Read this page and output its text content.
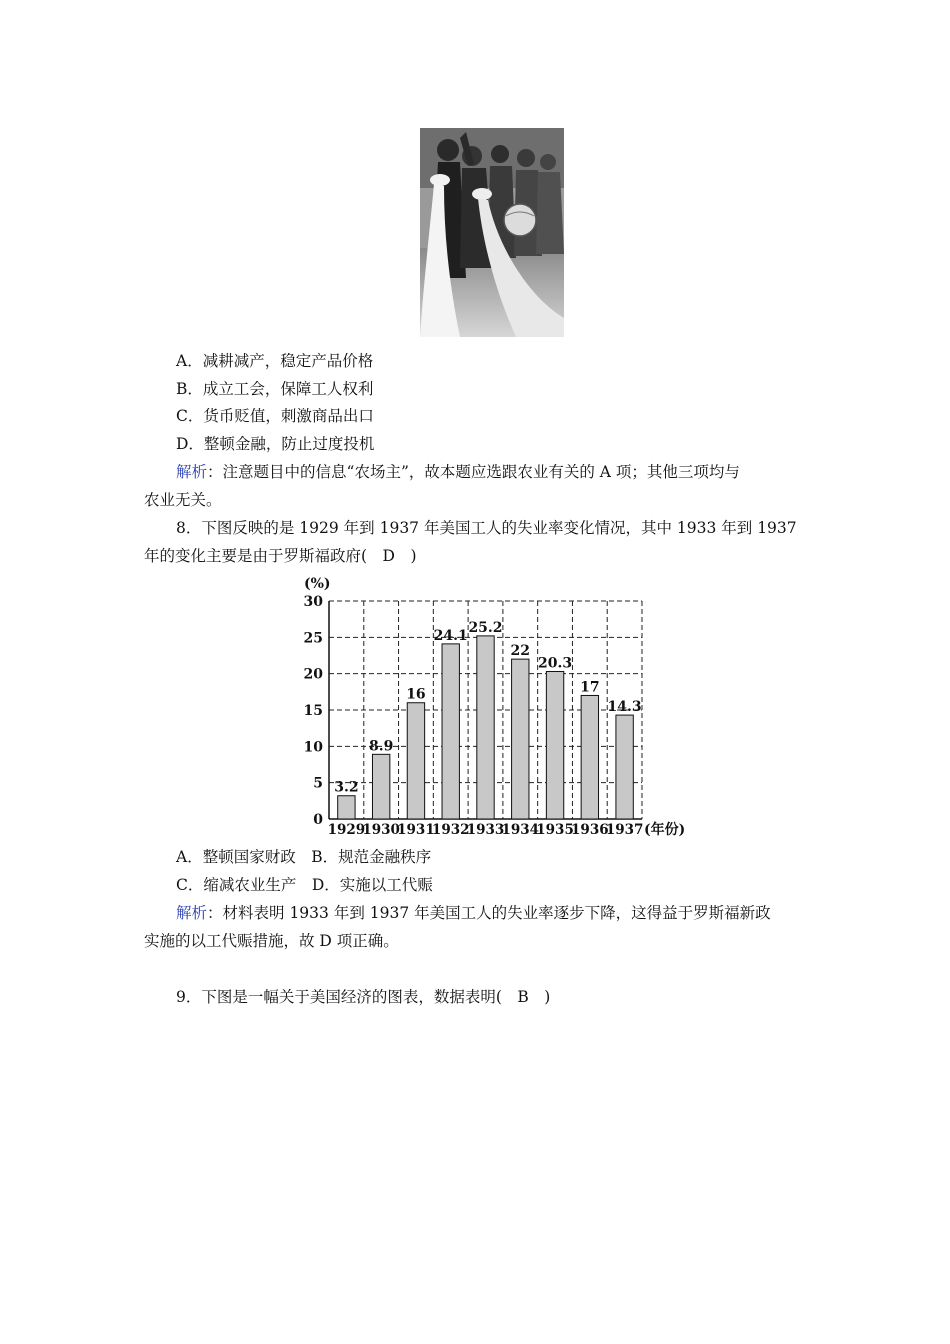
A．减耕减产，稳定产品价格
B．成立工会，保障工人权利
C．货币贬值，刺激商品出口
D．整顿金融，防止过度投机
解析：注意题目中的信息“农场主”，故本题应选跟农业有关的 A 项；其他三项均与
农业无关。
8．下图反映的是 1929 年到 1937 年美国工人的失业率变化情况，其中 1933 年到 1937
年的变化主要是由于罗斯福政府(　D　)
0
5
10
15
20
25
30
3.2
1929
8.9
1930
16
1931
24.1
1932
25.2
1933
22
1934
20.3
1935
17
1936
14.3
1937
(%)
(年份)
A．整顿国家财政　B．规范金融秩序
C．缩减农业生产　D．实施以工代赈
解析：材料表明 1933 年到 1937 年美国工人的失业率逐步下降，这得益于罗斯福新政
实施的以工代赈措施，故 D 项正确。
9．下图是一幅关于美国经济的图表，数据表明(　B　)
